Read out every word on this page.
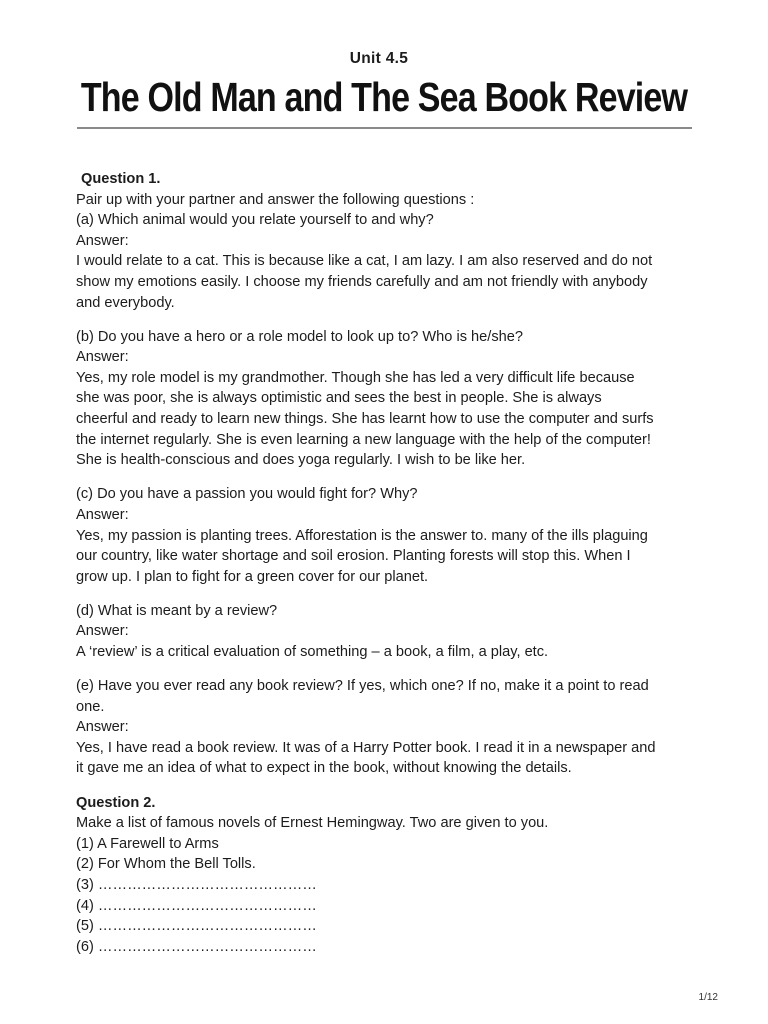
Unit 4.5
The Old Man and The Sea Book Review

Question 1.

Pair up with your partner and answer the following questions :

(a) Which animal would you relate yourself to and why?

Answer:

I would relate to a cat. This is because like a cat, I am lazy. I am also reserved and do not

show my emotions easily. I choose my friends carefully and am not friendly with anybody

and everybody.

(b) Do you have a hero or a role model to look up to? Who is he/she?

Answer:

Yes, my role model is my grandmother. Though she has led a very difficult life because

she was poor, she is always optimistic and sees the best in people. She is always

cheerful and ready to learn new things. She has learnt how to use the computer and surfs

the internet regularly. She is even learning a new language with the help of the computer!

She is health-conscious and does yoga regularly. I wish to be like her.

(c) Do you have a passion you would fight for? Why?

Answer:

Yes, my passion is planting trees. Afforestation is the answer to. many of the ills plaguing

our country, like water shortage and soil erosion. Planting forests will stop this. When I

grow up. I plan to fight for a green cover for our planet.

(d) What is meant by a review?

Answer:

A ‘review’ is a critical evaluation of something – a book, a film, a play, etc.

(e) Have you ever read any book review? If yes, which one? If no, make it a point to read

one.

Answer:

Yes, I have read a book review. It was of a Harry Potter book. I read it in a newspaper and

it gave me an idea of what to expect in the book, without knowing the details.

Question 2.

Make a list of famous novels of Ernest Hemingway. Two are given to you.

(1) A Farewell to Arms

(2) For Whom the Bell Tolls.

(3) ………………………………………

(4) ………………………………………

(5) ………………………………………

(6) ………………………………………

1/12
